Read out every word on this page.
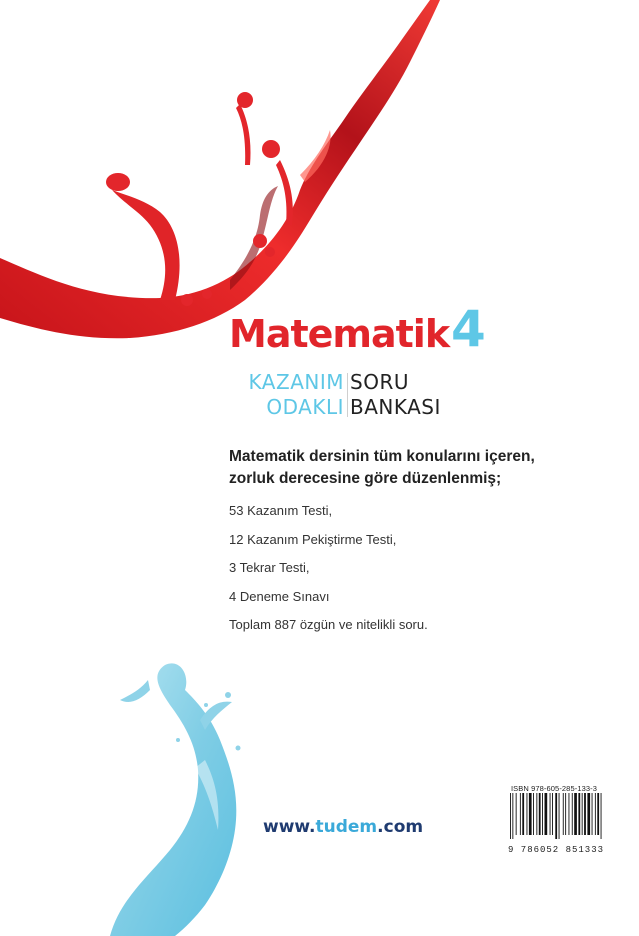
Matematik 4
KAZANIM
ODAKLI
SORU
BANKASI
Matematik dersinin tüm konularını içeren,
zorluk derecesine göre düzenlenmiş;
53 Kazanım Testi,
12 Kazanım Pekiştirme Testi,
3 Tekrar Testi,
4 Deneme Sınavı
Toplam 887 özgün ve nitelikli soru.
www.tudem.com
ISBN 978-605-285-133-3
9 786052 851333
